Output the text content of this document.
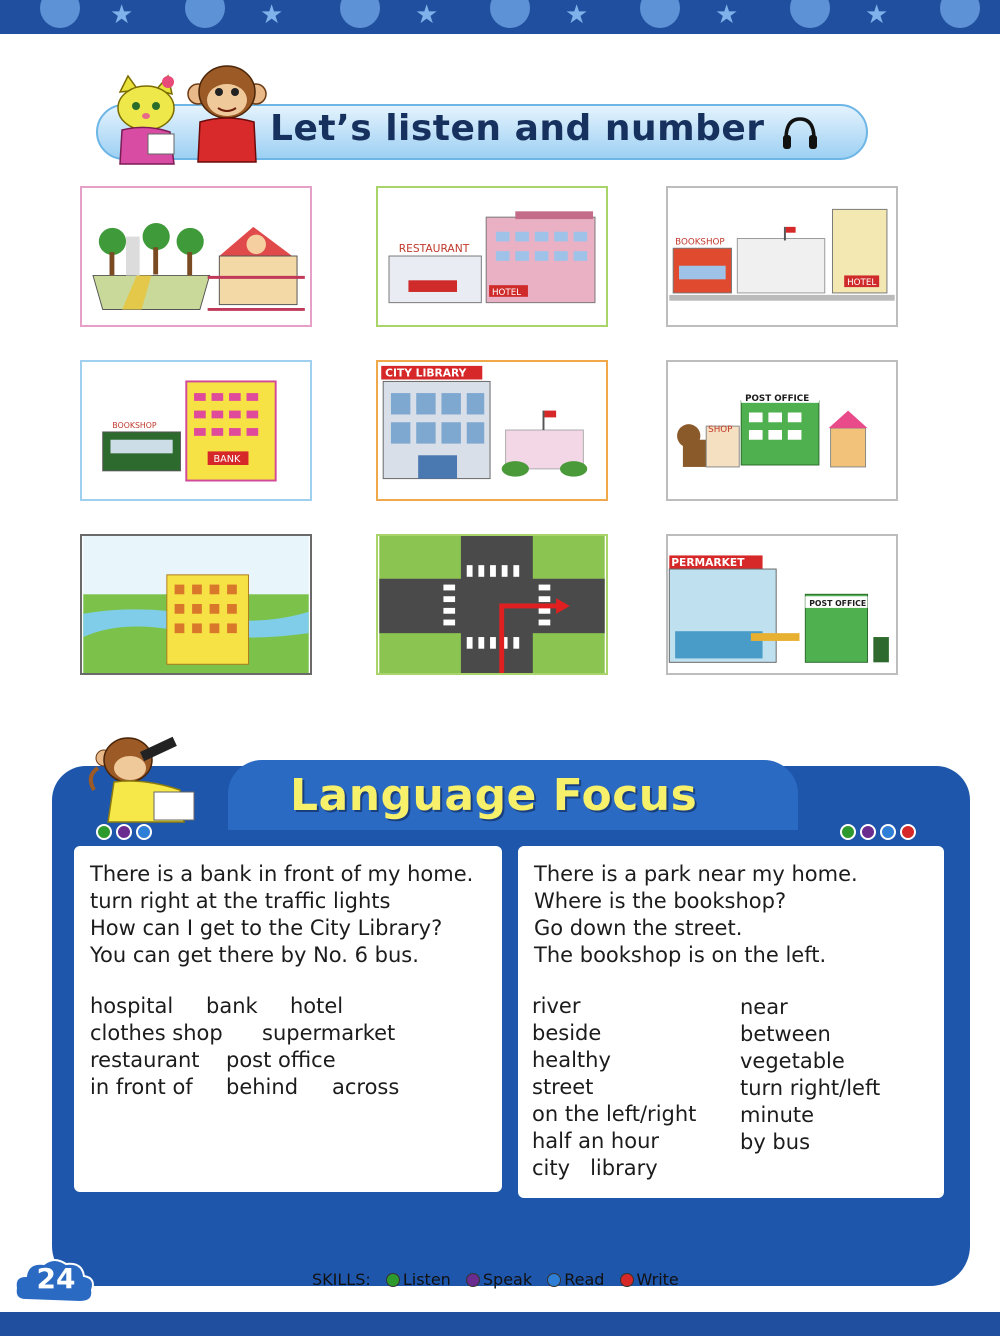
★	★	★	★	★	★
Let’s listen and number
RESTAURANT
HOTEL
BOOKSHOP
HOTEL
BOOKSHOP
BANK
CITY LIBRARY
SHOP
POST OFFICE
PERMARKET
POST OFFICE
Language Focus
There is a bank in front of my home.
turn right at the traffic lights
How can I get to the City Library?
You can get there by No. 6 bus.
hospital bank hotel
clothes shop supermarket
restaurant post office
in front of behind across
There is a park near my home.
Where is the bookshop?
Go down the street.
The bookshop is on the left.
river
beside
healthy
street
on the left/right
half an hour
city   library
near
between
vegetable
turn right/left
minute
by bus
24	SKILLS: Listen Speak Read Write
